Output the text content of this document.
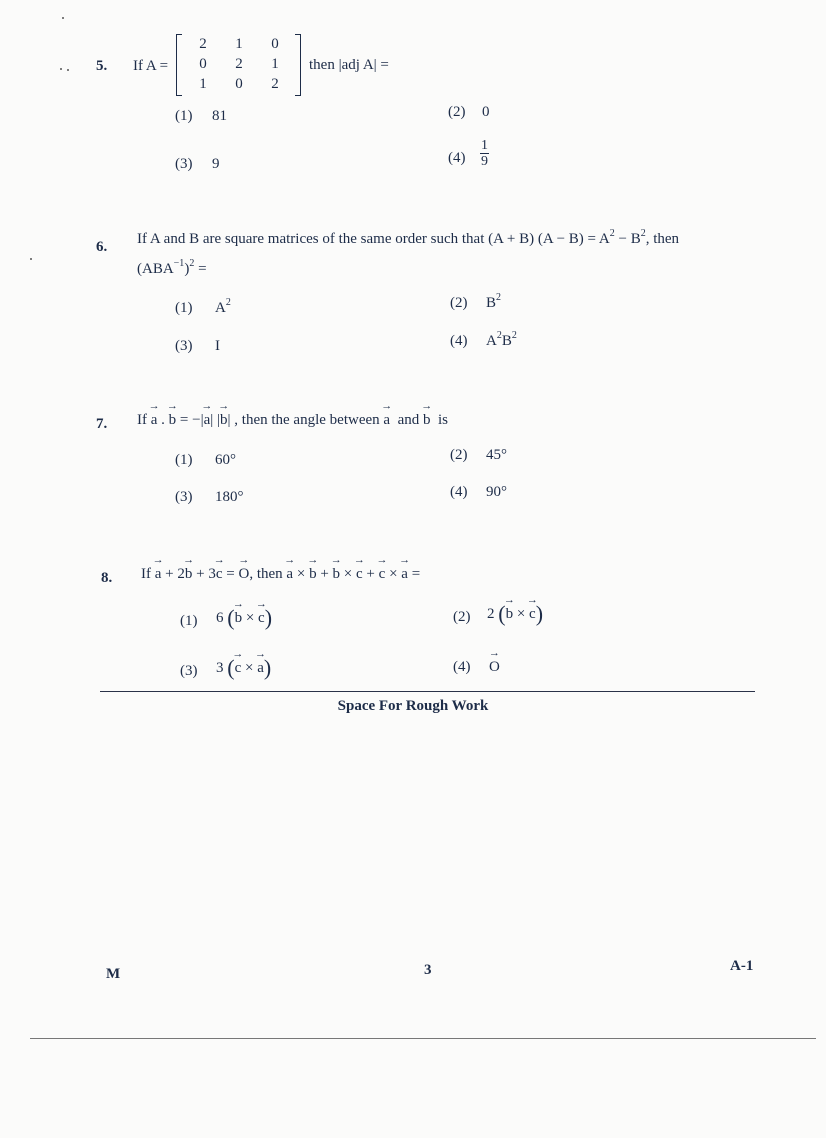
5. If A =
2 1 0
0 2 1
1 0 2
then |adj A| =
(1) 81	(2) 0
(3) 9	$(4) \frac{1}{9}$
6. If A and B are square matrices of the same order such that (A + B) $(A - B) = A^2 - B^2$, then
$(ABA^{-1})^2$ =
(1) $A^2$	(2) $B^2$
(3) I	(4) $A^2B^2$
7. If → a . → b = −|→ a| |→ b| , then the angle between → a and → b is
(1) 60°	(2) 45°
(3) 180°	(4) 90°
8. If → a + 2→ b + 3→ c = → O, then → a × → b + → b × → c + → c × → a =
(1) 6 (→ b × → c)	(2) 2 (→ b × → c)
(3) 3 (→ c × → a)	(4) → O
Space For Rough Work
M	3	A-1
